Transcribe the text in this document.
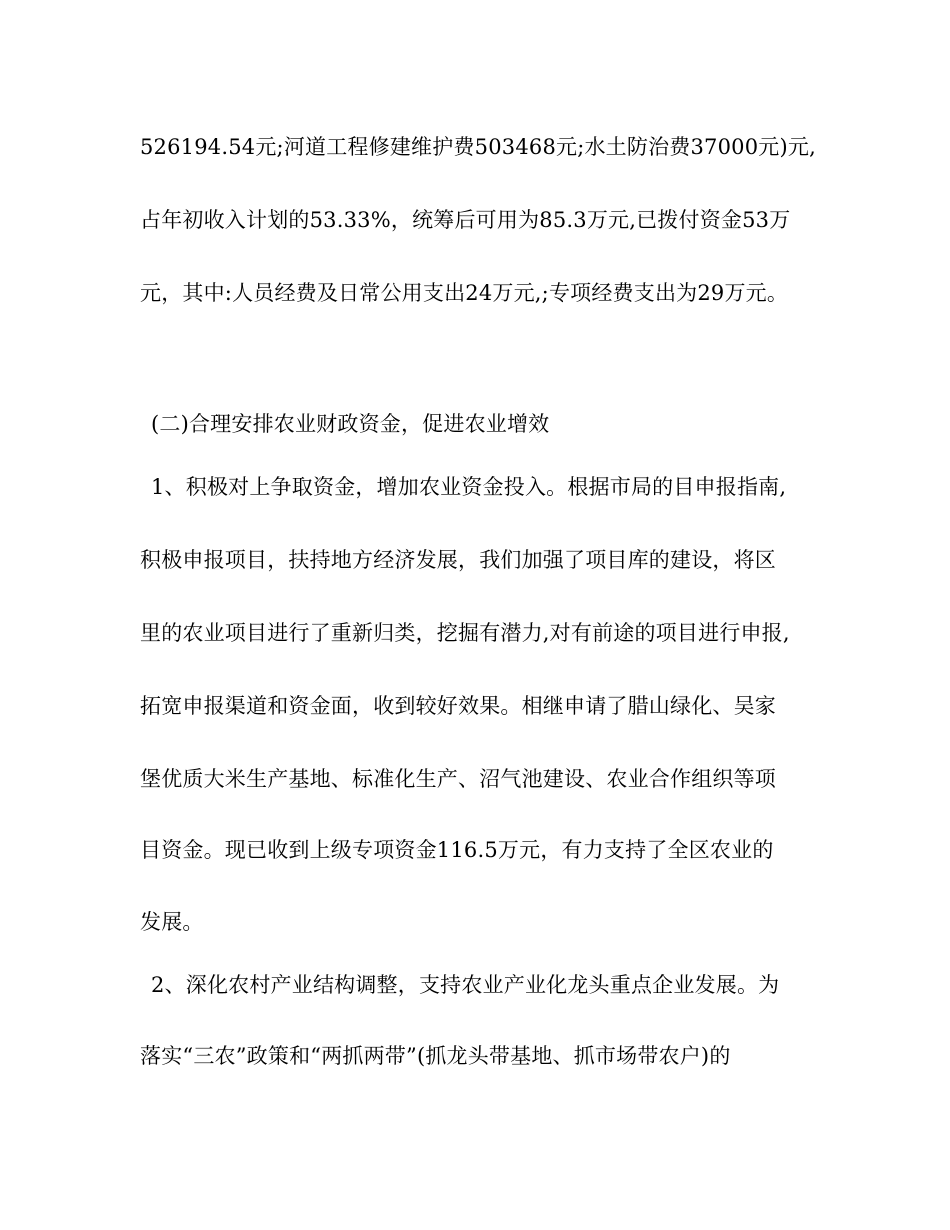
526194.54元;河道工程修建维护费503468元;水土防治费37000元)元,
占年初收入计划的53.33%，统筹后可用为85.3万元,已拨付资金53万
元，其中:人员经费及日常公用支出24万元,;专项经费支出为29万元。
(二)合理安排农业财政资金，促进农业增效
1、积极对上争取资金，增加农业资金投入。根据市局的目申报指南,
积极申报项目，扶持地方经济发展，我们加强了项目库的建设，将区
里的农业项目进行了重新归类，挖掘有潜力,对有前途的项目进行申报,
拓宽申报渠道和资金面，收到较好效果。相继申请了腊山绿化、吴家
堡优质大米生产基地、标准化生产、沼气池建设、农业合作组织等项
目资金。现已收到上级专项资金116.5万元，有力支持了全区农业的
发展。
2、深化农村产业结构调整，支持农业产业化龙头重点企业发展。为
落实“三农”政策和“两抓两带”(抓龙头带基地、抓市场带农户)的
